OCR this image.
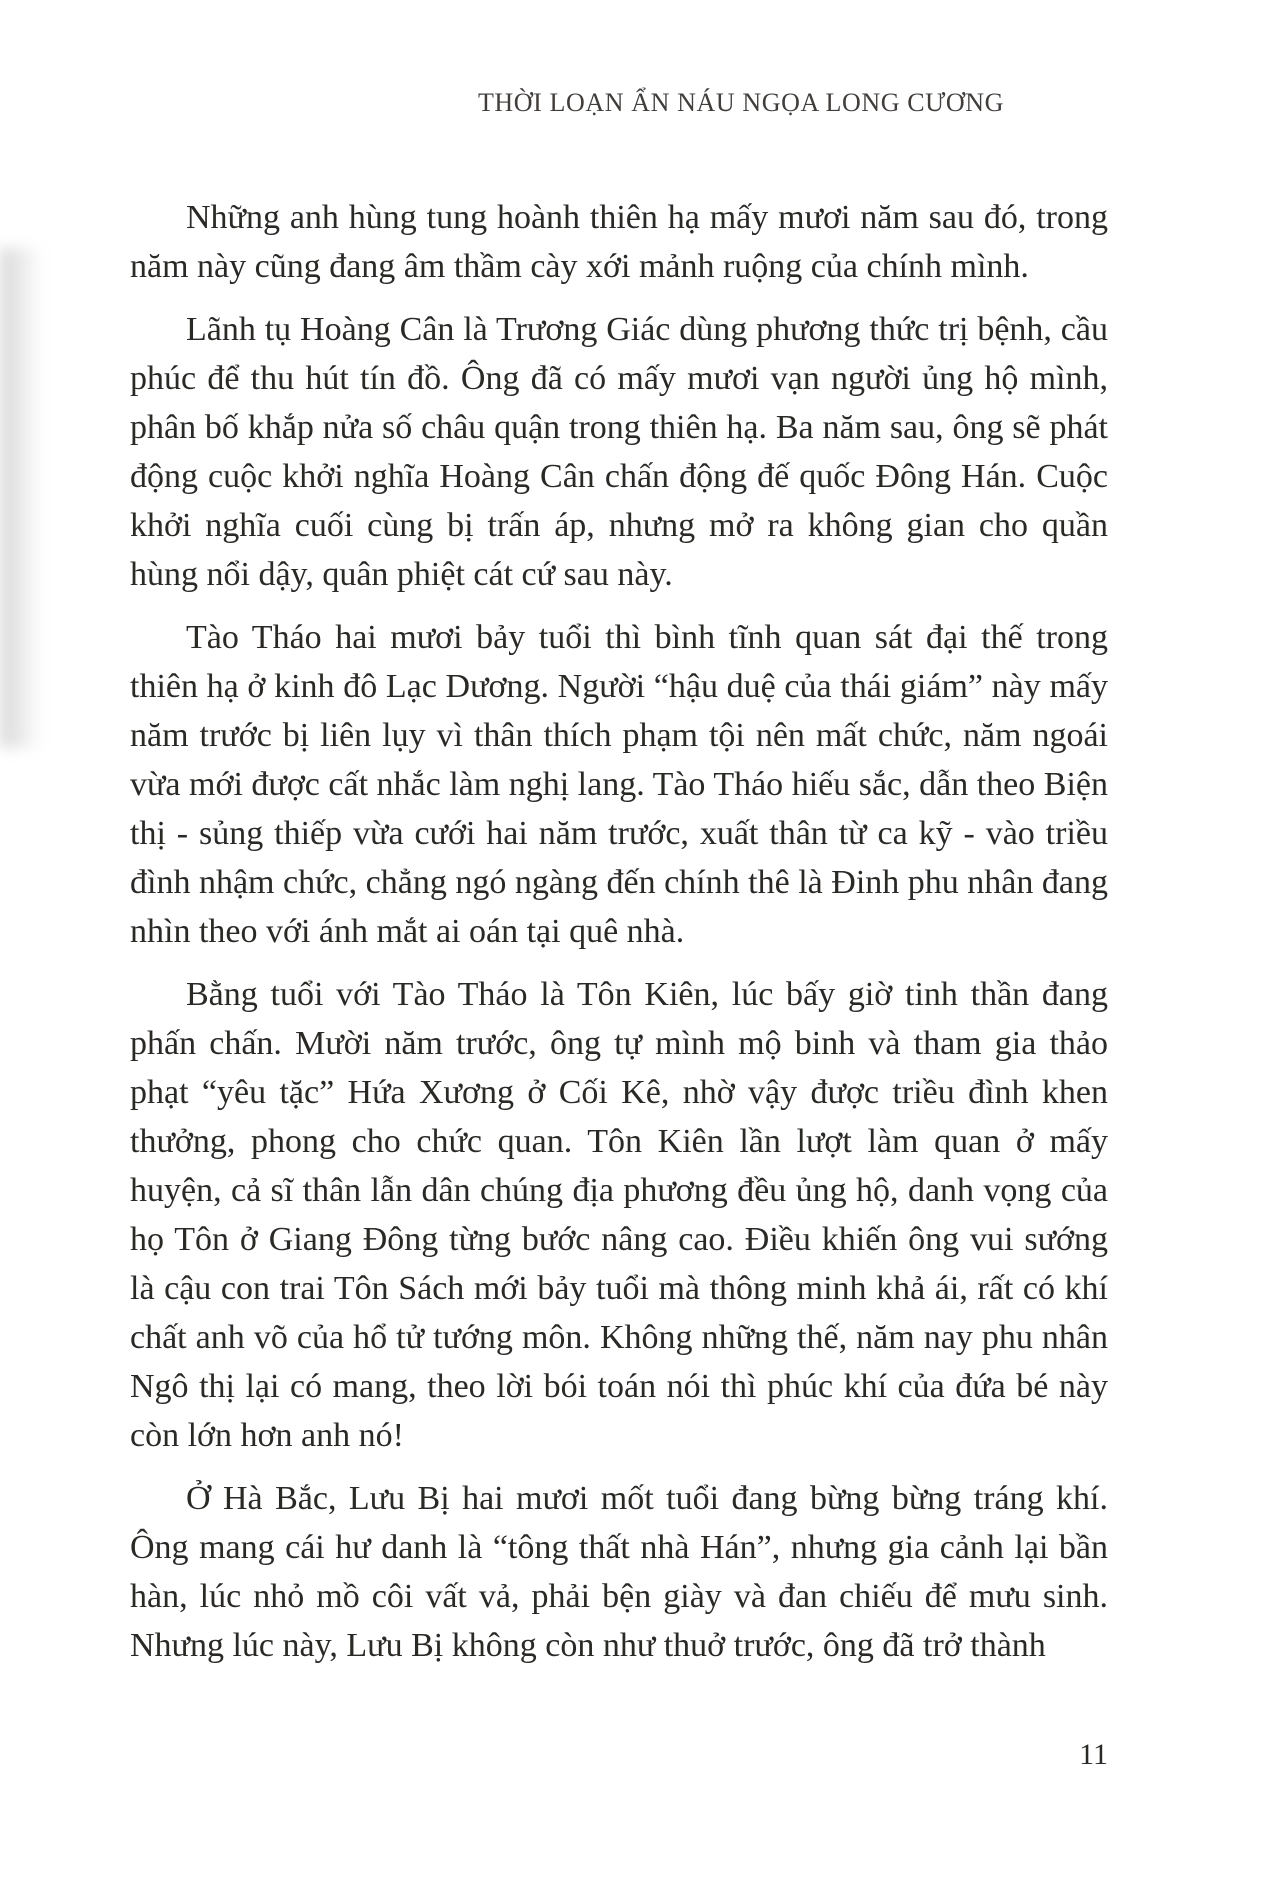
THỜI LOẠN ẨN NÁU NGỌA LONG CƯƠNG

Những anh hùng tung hoành thiên hạ mấy mươi năm sau đó, trong năm này cũng đang âm thầm cày xới mảnh ruộng của chính mình.

Lãnh tụ Hoàng Cân là Trương Giác dùng phương thức trị bệnh, cầu phúc để thu hút tín đồ. Ông đã có mấy mươi vạn người ủng hộ mình, phân bố khắp nửa số châu quận trong thiên hạ. Ba năm sau, ông sẽ phát động cuộc khởi nghĩa Hoàng Cân chấn động đế quốc Đông Hán. Cuộc khởi nghĩa cuối cùng bị trấn áp, nhưng mở ra không gian cho quần hùng nổi dậy, quân phiệt cát cứ sau này.

Tào Tháo hai mươi bảy tuổi thì bình tĩnh quan sát đại thế trong thiên hạ ở kinh đô Lạc Dương. Người “hậu duệ của thái giám” này mấy năm trước bị liên lụy vì thân thích phạm tội nên mất chức, năm ngoái vừa mới được cất nhắc làm nghị lang. Tào Tháo hiếu sắc, dẫn theo Biện thị - sủng thiếp vừa cưới hai năm trước, xuất thân từ ca kỹ - vào triều đình nhậm chức, chẳng ngó ngàng đến chính thê là Đinh phu nhân đang nhìn theo với ánh mắt ai oán tại quê nhà.

Bằng tuổi với Tào Tháo là Tôn Kiên, lúc bấy giờ tinh thần đang phấn chấn. Mười năm trước, ông tự mình mộ binh và tham gia thảo phạt “yêu tặc” Hứa Xương ở Cối Kê, nhờ vậy được triều đình khen thưởng, phong cho chức quan. Tôn Kiên lần lượt làm quan ở mấy huyện, cả sĩ thân lẫn dân chúng địa phương đều ủng hộ, danh vọng của họ Tôn ở Giang Đông từng bước nâng cao. Điều khiến ông vui sướng là cậu con trai Tôn Sách mới bảy tuổi mà thông minh khả ái, rất có khí chất anh võ của hổ tử tướng môn. Không những thế, năm nay phu nhân Ngô thị lại có mang, theo lời bói toán nói thì phúc khí của đứa bé này còn lớn hơn anh nó!

Ở Hà Bắc, Lưu Bị hai mươi mốt tuổi đang bừng bừng tráng khí. Ông mang cái hư danh là “tông thất nhà Hán”, nhưng gia cảnh lại bần hàn, lúc nhỏ mồ côi vất vả, phải bện giày và đan chiếu để mưu sinh. Nhưng lúc này, Lưu Bị không còn như thuở trước, ông đã trở thành

11
